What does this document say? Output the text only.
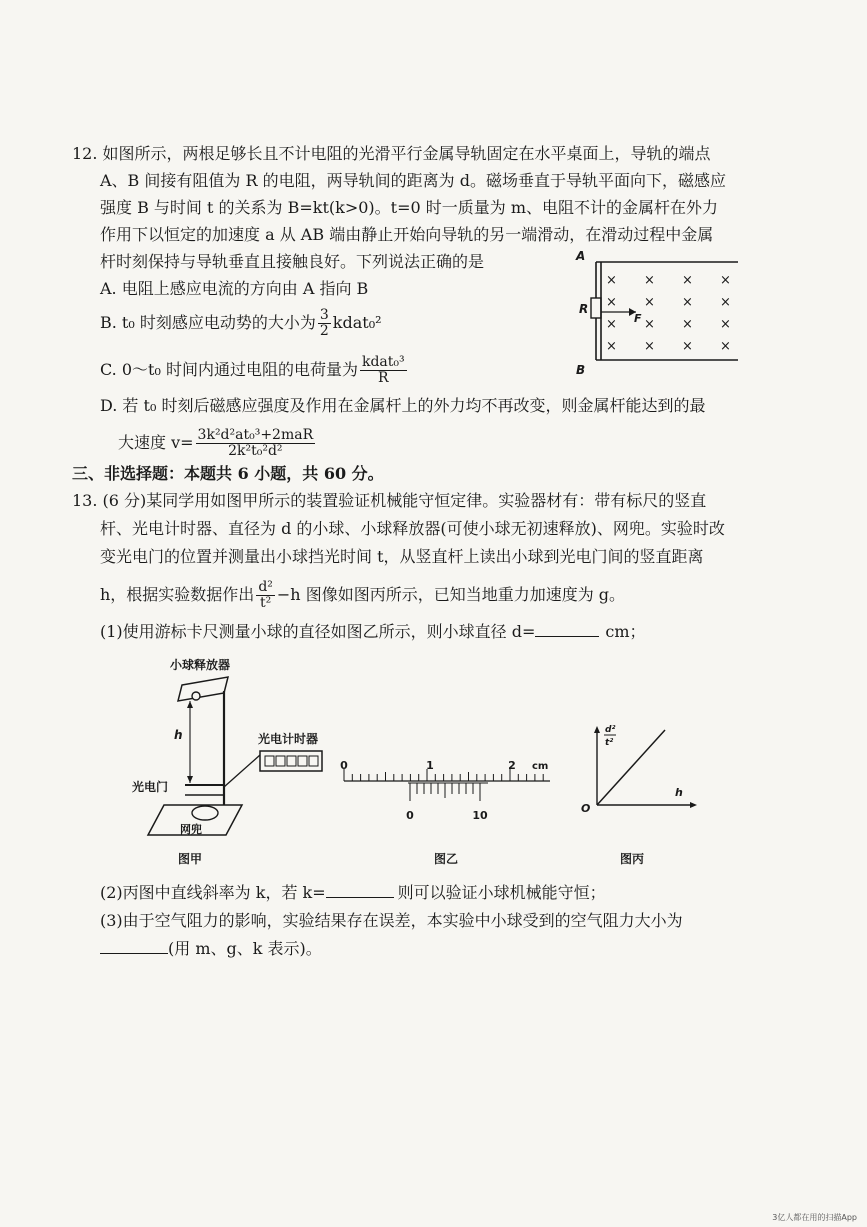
12. 如图所示，两根足够长且不计电阻的光滑平行金属导轨固定在水平桌面上，导轨的端点
A、B 间接有阻值为 R 的电阻，两导轨间的距离为 d。磁场垂直于导轨平面向下，磁感应
强度 B 与时间 t 的关系为 B=kt(k>0)。t=0 时一质量为 m、电阻不计的金属杆在外力
作用下以恒定的加速度 a 从 AB 端由静止开始向导轨的另一端滑动，在滑动过程中金属
杆时刻保持与导轨垂直且接触良好。下列说法正确的是
A. 电阻上感应电流的方向由 A 指向 B
B. t₀ 时刻感应电动势的大小为 $\frac{3}{2}$ kdat₀²
C. 0～t₀ 时间内通过电阻的电荷量为 $\frac{\text{kdat₀³}}{R}$
D. 若 t₀ 时刻后磁感应强度及作用在金属杆上的外力均不再改变，则金属杆能达到的最
大速度 $v= \frac{\text{3k²d²at₀³+2maR}}{\text{2k²t₀²d²}}$
A
B
R
F
× × × ×
× × × ×
× × × ×
× × × ×
三、非选择题：本题共 6 小题，共 60 分。
13. (6 分)某同学用如图甲所示的装置验证机械能守恒定律。实验器材有：带有标尺的竖直
杆、光电计时器、直径为 d 的小球、小球释放器(可使小球无初速释放)、网兜。实验时改
变光电门的位置并测量出小球挡光时间 t，从竖直杆上读出小球到光电门间的竖直距离
h，根据实验数据作出 $\frac{\text{d²}}{\text{t²}} -h$ 图像如图丙所示，已知当地重力加速度为 g。
(1)使用游标卡尺测量小球的直径如图乙所示，则小球直径 d=	cm；
小球释放器
h
光电门
光电计时器
网兜
图甲
0	1	2 cm
0	10
图乙
d²
t²
h
O
图丙
(2)丙图中直线斜率为 k，若 k=	则可以验证小球机械能守恒；
(3)由于空气阻力的影响，实验结果存在误差，本实验中小球受到的空气阻力大小为
(用 m、g、k 表示)。
3亿人都在用的扫描App
